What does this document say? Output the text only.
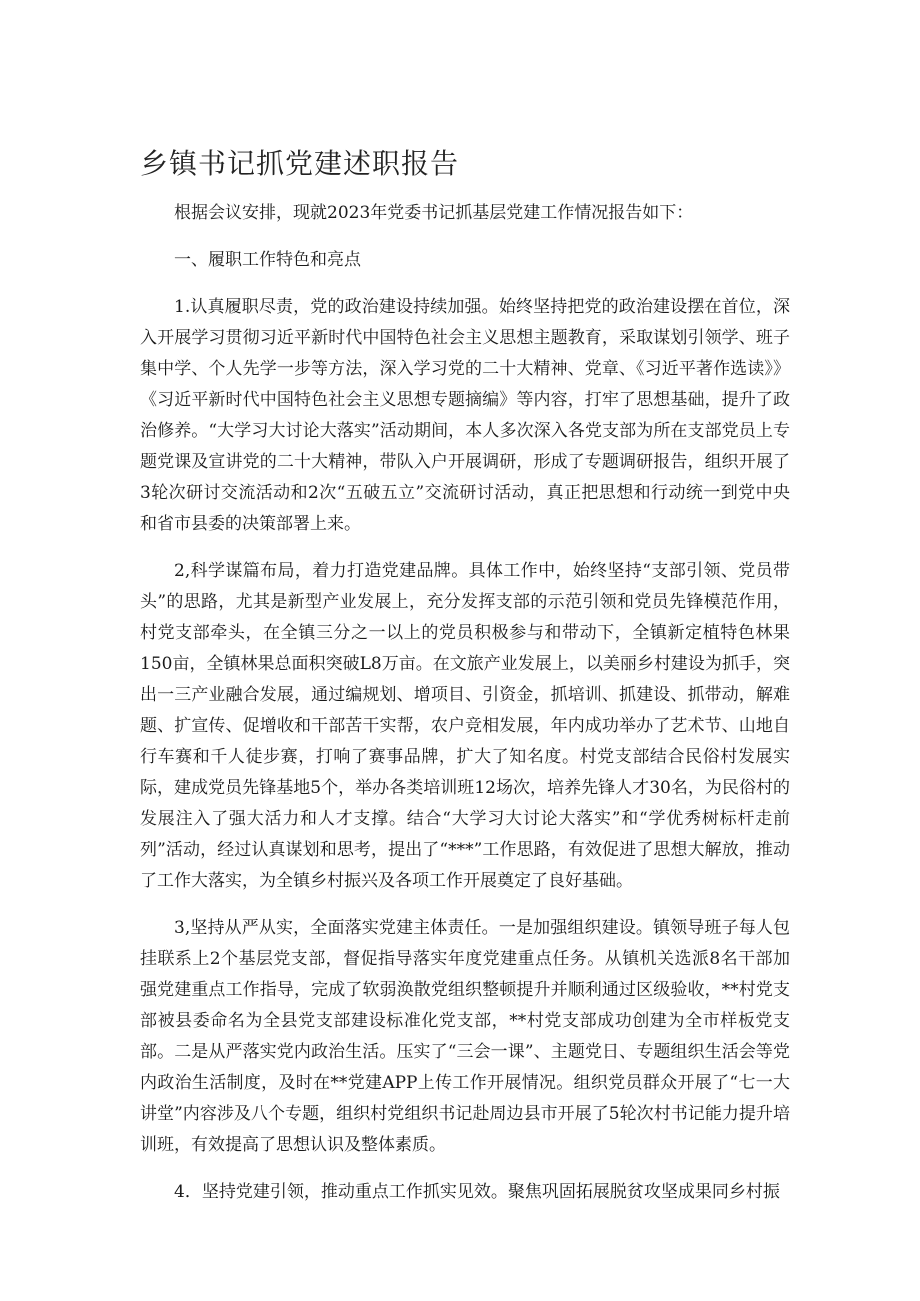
乡镇书记抓党建述职报告

根据会议安排，现就2023年党委书记抓基层党建工作情况报告如下：

一、履职工作特色和亮点

1.认真履职尽责，党的政治建设持续加强。始终坚持把党的政治建设摆在首位，深入开展学习贯彻习近平新时代中国特色社会主义思想主题教育，采取谋划引领学、班子集中学、个人先学一步等方法，深入学习党的二十大精神、党章、《习近平著作选读》》《习近平新时代中国特色社会主义思想专题摘编》等内容，打牢了思想基础，提升了政治修养。“大学习大讨论大落实”活动期间，本人多次深入各党支部为所在支部党员上专题党课及宣讲党的二十大精神，带队入户开展调研，形成了专题调研报告，组织开展了3轮次研讨交流活动和2次“五破五立”交流研讨活动，真正把思想和行动统一到党中央和省市县委的决策部署上来。

2,科学谋篇布局，着力打造党建品牌。具体工作中，始终坚持“支部引领、党员带头”的思路，尤其是新型产业发展上，充分发挥支部的示范引领和党员先锋模范作用，村党支部牵头，在全镇三分之一以上的党员积极参与和带动下，全镇新定植特色林果150亩，全镇林果总面积突破L8万亩。在文旅产业发展上，以美丽乡村建设为抓手，突出一三产业融合发展，通过编规划、增项目、引资金，抓培训、抓建设、抓带动，解难题、扩宣传、促增收和干部苦干实帮，农户竞相发展，年内成功举办了艺术节、山地自行车赛和千人徒步赛，打响了赛事品牌，扩大了知名度。村党支部结合民俗村发展实际，建成党员先锋基地5个，举办各类培训班12场次，培养先锋人才30名，为民俗村的发展注入了强大活力和人才支撑。结合“大学习大讨论大落实”和“学优秀树标杆走前列”活动，经过认真谋划和思考，提出了“***”工作思路，有效促进了思想大解放，推动了工作大落实，为全镇乡村振兴及各项工作开展奠定了良好基础。

3,坚持从严从实，全面落实党建主体责任。一是加强组织建设。镇领导班子每人包挂联系上2个基层党支部，督促指导落实年度党建重点任务。从镇机关选派8名干部加强党建重点工作指导，完成了软弱涣散党组织整顿提升并顺利通过区级验收，**村党支部被县委命名为全县党支部建设标准化党支部，**村党支部成功创建为全市样板党支部。二是从严落实党内政治生活。压实了“三会一课”、主题党日、专题组织生活会等党内政治生活制度，及时在**党建APP上传工作开展情况。组织党员群众开展了“七一大讲堂”内容涉及八个专题，组织村党组织书记赴周边县市开展了5轮次村书记能力提升培训班，有效提高了思想认识及整体素质。

4．坚持党建引领，推动重点工作抓实见效。聚焦巩固拓展脱贫攻坚成果同乡村振
